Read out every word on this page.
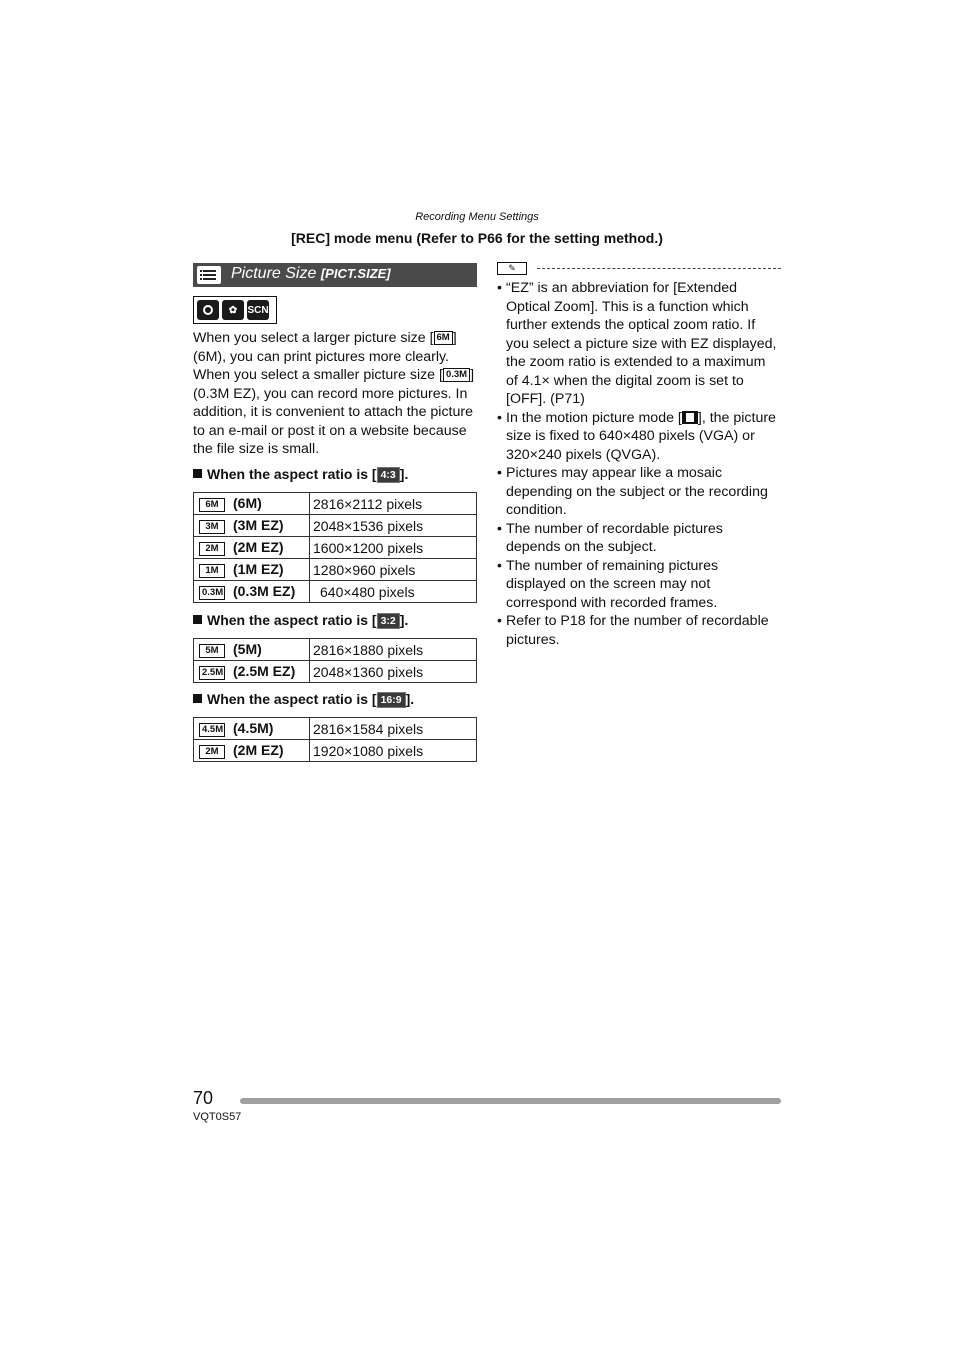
Recording Menu Settings
[REC] mode menu (Refer to P66 for the setting method.)
Picture Size [PICT.SIZE]
✿	SCN
When you select a larger picture size [ 6M ] (6M), you can print pictures more clearly. When you select a smaller picture size [ 0.3M ] (0.3M EZ), you can record more pictures. In addition, it is convenient to attach the picture to an e-mail or post it on a website because the file size is small.
When the aspect ratio is [ 4:3 ].
6M (6M)	2816×2112 pixels
3M (3M EZ)	2048×1536 pixels
2M (2M EZ)	1600×1200 pixels
1M (1M EZ)	1280×960 pixels
0.3M (0.3M EZ)	640×480 pixels
When the aspect ratio is [ 3:2 ].
5M (5M)	2816×1880 pixels
2.5M (2.5M EZ)	2048×1360 pixels
When the aspect ratio is [ 16:9 ].
4.5M (4.5M)	2816×1584 pixels
2M (2M EZ)	1920×1080 pixels
✎
• “EZ” is an abbreviation for [Extended Optical Zoom]. This is a function which further extends the optical zoom ratio. If you select a picture size with EZ displayed, the zoom ratio is extended to a maximum of 4.1× when the digital zoom is set to [OFF]. (P71)
• In the motion picture mode [ ], the picture size is fixed to 640×480 pixels (VGA) or 320×240 pixels (QVGA).
• Pictures may appear like a mosaic depending on the subject or the recording condition.
• The number of recordable pictures depends on the subject.
• The number of remaining pictures displayed on the screen may not correspond with recorded frames.
• Refer to P18 for the number of recordable pictures.
70
VQT0S57
